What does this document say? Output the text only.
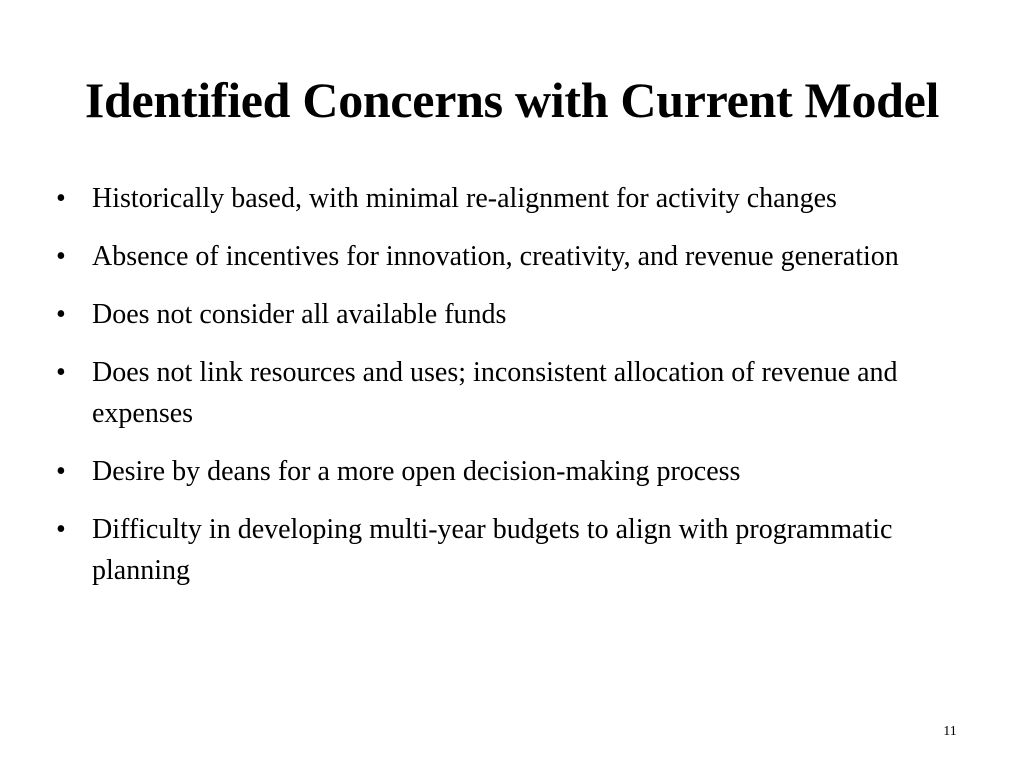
Identified Concerns with Current Model
• Historically based, with minimal re-alignment for activity changes
• Absence of incentives for innovation, creativity, and revenue generation
• Does not consider all available funds
• Does not link resources and uses; inconsistent allocation of revenue and expenses
• Desire by deans for a more open decision-making process
• Difficulty in developing multi-year budgets to align with programmatic planning
11
